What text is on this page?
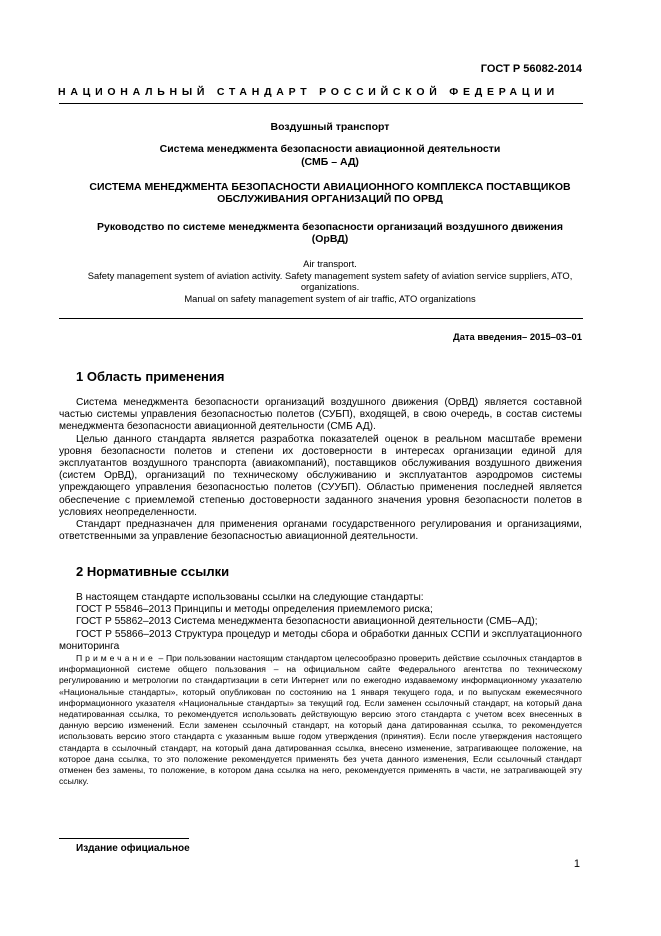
ГОСТ Р 56082-2014
НАЦИОНАЛЬНЫЙ СТАНДАРТ РОССИЙСКОЙ ФЕДЕРАЦИИ
Воздушный транспорт
Система менеджмента безопасности авиационной деятельности
(СМБ – АД)
СИСТЕМА МЕНЕДЖМЕНТА БЕЗОПАСНОСТИ АВИАЦИОННОГО КОМПЛЕКСА ПОСТАВЩИКОВ
ОБСЛУЖИВАНИЯ ОРГАНИЗАЦИЙ ПО ОРВД
Руководство по системе менеджмента безопасности организаций воздушного движения
(ОрВД)
Air transport.
Safety management system of aviation activity. Safety management system safety of aviation service suppliers, ATO,
organizations.
Manual on safety management system of air traffic, ATO organizations
Дата введения– 2015–03–01
1 Область применения

Система менеджмента безопасности организаций воздушного движения (ОрВД) является составной частью системы управления безопасностью полетов (СУБП), входящей, в свою очередь, в состав системы менеджмента безопасности авиационной деятельности (СМБ АД).

Целью данного стандарта является разработка показателей оценок в реальном масштабе времени уровня безопасности полетов и степени их достоверности в интересах организации единой для эксплуатантов воздушного транспорта (авиакомпаний), поставщиков обслуживания воздушного движения (систем ОрВД), организаций по техническому обслуживанию и эксплуатантов аэродромов системы упреждающего управления безопасностью полетов (СУУБП). Областью применения последней является обеспечение с приемлемой степенью достоверности заданного значения уровня безопасности полетов в условиях неопределенности.

Стандарт предназначен для применения органами государственного регулирования и организациями, ответственными за управление безопасностью авиационной деятельности.

2 Нормативные ссылки

В настоящем стандарте использованы ссылки на следующие стандарты:

ГОСТ Р 55846–2013 Принципы и методы определения приемлемого риска;

ГОСТ Р 55862–2013 Система менеджмента безопасности авиационной деятельности (СМБ–АД);

ГОСТ Р 55866–2013 Структура процедур и методы сбора и обработки данных ССПИ и эксплуатационного мониторинга

Примечание – При пользовании настоящим стандартом целесообразно проверить действие ссылочных стандартов в информационной системе общего пользования – на официальном сайте Федерального агентства по техническому регулированию и метрологии по стандартизации в сети Интернет или по ежегодно издаваемому информационному указателю «Национальные стандарты», который опубликован по состоянию на 1 января текущего года, и по выпускам ежемесячного информационного указателя «Национальные стандарты» за текущий год. Если заменен ссылочный стандарт, на который дана недатированная ссылка, то рекомендуется использовать действующую версию этого стандарта с учетом всех внесенных в данную версию изменений. Если заменен ссылочный стандарт, на который дана датированная ссылка, то рекомендуется использовать версию этого стандарта с указанным выше годом утверждения (принятия). Если после утверждения настоящего стандарта в ссылочный стандарт, на который дана датированная ссылка, внесено изменение, затрагивающее положение, на которое дана ссылка, то это положение рекомендуется применять без учета данного изменения, Если ссылочный стандарт отменен без замены, то положение, в котором дана ссылка на него, рекомендуется применять в части, не затрагивающей эту ссылку.

Издание официальное
1
